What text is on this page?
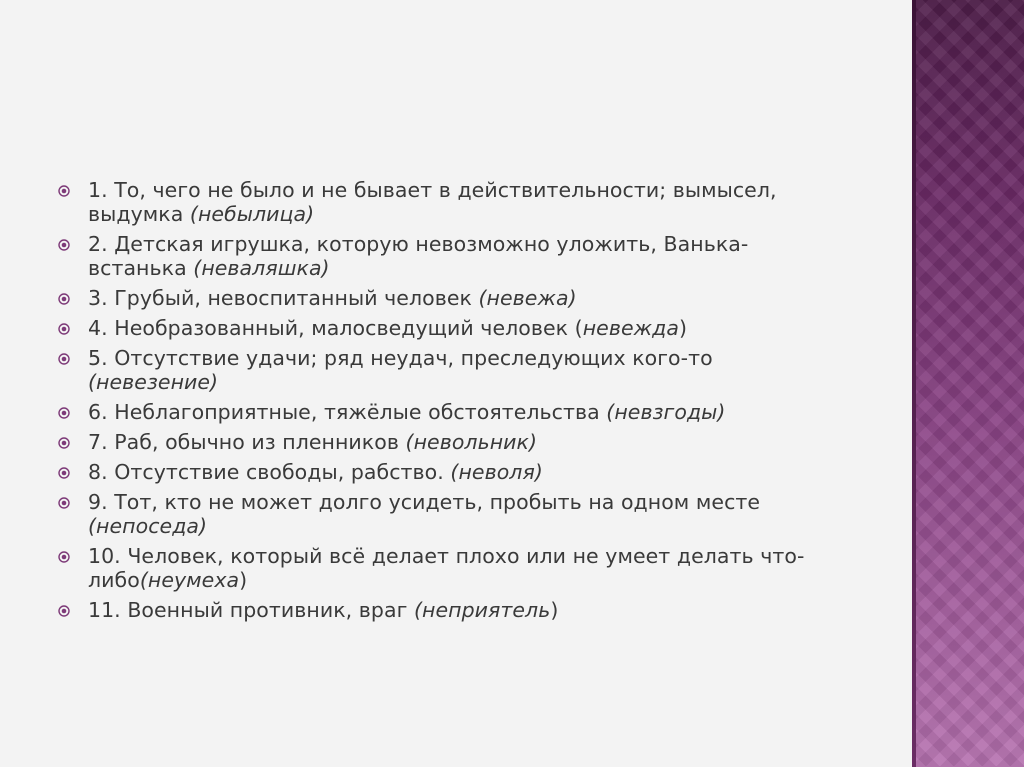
1. То, чего не было и не бывает в действительности; вымысел, выдумка (небылица)
2. Детская игрушка, которую невозможно уложить, Ванька-встанька (неваляшка)
3. Грубый, невоспитанный человек (невежа)
4. Необразованный, малосведущий человек (невежда)
5. Отсутствие удачи; ряд неудач, преследующих кого-то (невезение)
6. Неблагоприятные, тяжёлые обстоятельства (невзгоды)
7. Раб, обычно из пленников (невольник)
8. Отсутствие свободы, рабство. (неволя)
9. Тот, кто не может долго усидеть, пробыть на одном месте (непоседа)
10. Человек, который всё делает плохо или не умеет делать что-либо(неумеха)
11. Военный противник, враг (неприятель)
